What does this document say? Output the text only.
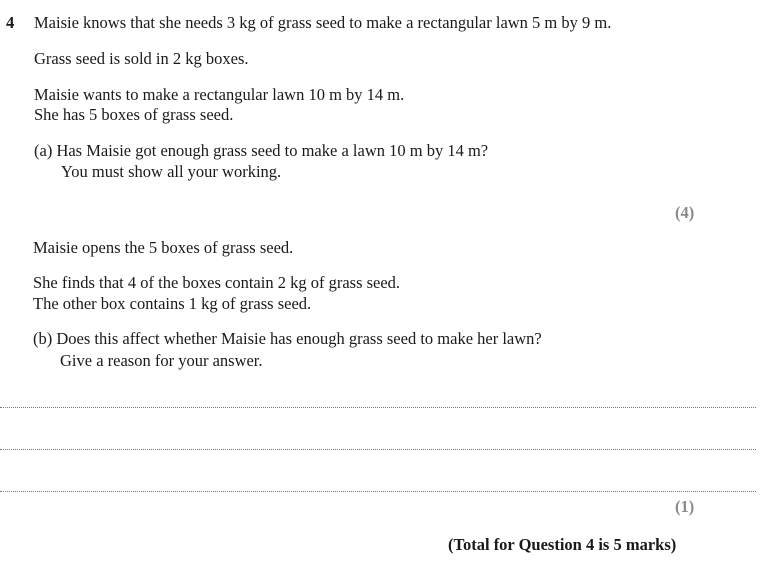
4 Maisie knows that she needs 3 kg of grass seed to make a rectangular lawn 5 m by 9 m.
Grass seed is sold in 2 kg boxes.
Maisie wants to make a rectangular lawn 10 m by 14 m.
She has 5 boxes of grass seed.
(a) Has Maisie got enough grass seed to make a lawn 10 m by 14 m?
You must show all your working.
(4)
Maisie opens the 5 boxes of grass seed.
She finds that 4 of the boxes contain 2 kg of grass seed.
The other box contains 1 kg of grass seed.
(b) Does this affect whether Maisie has enough grass seed to make her lawn?
Give a reason for your answer.
(1)
(Total for Question 4 is 5 marks)
